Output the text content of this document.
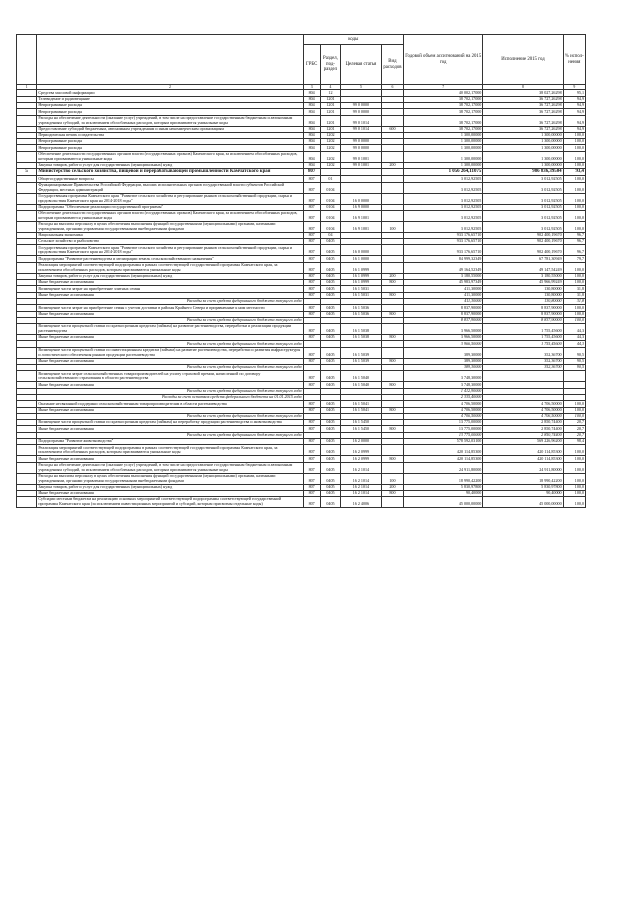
		коды				Годовой объем ассигнований на 2015 год	Исполнение 2015 год	% испол-нения
		ГРБС	Раздел, под-раздел	Целевая статья	Вид расходов			
1	2	3	4	5	6	7	8	9
	Средства массовой информации	804	12			40 002,17000	38 027,26298	95,1
	Телевидение и радиовещание	804	1201			38 702,17000	36 727,26298	94,9
	Непрограммные расходы	804	1201	99 0 0000		38 702,17000	36 727,26298	94,9
	Непрограммные расходы	804	1201	99 0 0000		38 702,17000	36 727,26298	94,9
	Расходы на обеспечение деятельности (оказание услуг) учреждений, в том числе на предоставление государственным бюджетным и автономным учреждениям субсидий, за исключением обособленных расходов, которым присваиваются уникальные коды	804	1201	99 0 1014		38 702,17000	36 727,26298	94,9
	Предоставление субсидий бюджетным, автономным учреждениям и иным некоммерческим организациям	804	1201	99 0 1014	600	38 702,17000	36 727,26298	94,9
	Периодическая печать и издательства	804	1202			1 300,00000	1 300,00000	100,0
	Непрограммные расходы	804	1202	99 0 0000		1 300,00000	1 300,00000	100,0
	Непрограммные расходы	804	1202	99 0 0000		1 300,00000	1 300,00000	100,0
	Обеспечение деятельности государственных органов власти (государственных органов) Камчатского края, за исключением обособленных расходов, которым присваиваются уникальные коды	804	1202	99 0 1001		1 300,00000	1 300,00000	100,0
	Закупка товаров, работ и услуг для государственных (муниципальных) нужд	804	1202	99 0 1001	200	1 300,00000	1 300,00000	100,0
5	Министерство сельского хозяйства, пищевой и перерабатывающей промышленности Камчатского края	807				1 056 264,11075	986 836,39504	93,4
	Общегосударственные вопросы	807	01			3 012,92505	3 012,92505	100,0
	Функционирование Правительства Российской Федерации, высших исполнительных органов государственной власти субъектов Российской Федерации, местных администраций	807	0104			3 012,92505	3 012,92505	100,0
	Государственная программа Камчатского края "Развитие сельского хозяйства и регулирование рынков сельскохозяйственной продукции, сырья и продовольствия Камчатского края на 2014-2018 годы"	807	0104	16 0 0000		3 012,92505	3 012,92505	100,0
	Подпрограмма "Обеспечение реализации государственной программы"	807	0104	16 9 0000		3 012,92505	3 012,92505	100,0
	Обеспечение деятельности государственных органов власти (государственных органов) Камчатского края, за исключением обособленных расходов, которым присваиваются уникальные коды	807	0104	16 9 1001		3 012,92505	3 012,92505	100,0
	Расходы на выплаты персоналу в целях обеспечения выполнения функций государственными (муниципальными) органами, казенными учреждениями, органами управления государственными внебюджетными фондами	807	0104	16 9 1001	100	3 012,92505	3 012,92505	100,0
	Национальная экономика	807	04			933 176,65710	902 400,19670	96,7
	Сельское хозяйство и рыболовство	807	0405			933 176,65710	902 400,19670	96,7
	Государственная программа Камчатского края "Развитие сельского хозяйства и регулирование рынков сельскохозяйственной продукции, сырья и продовольствия Камчатского края на 2014-2018 годы"	807	0405	16 0 0000		933 176,65710	902 400,19670	96,7
	Подпрограмма "Развитие растениеводства и мелиорации земель сельскохозяйственного назначения"	807	0405	16 1 0000		84 999,32349	67 781,30949	79,7
	Реализация мероприятий соответствующей подпрограммы в рамках соответствующей государственной программы Камчатского края, за исключением обособленных расходов, которым присваиваются уникальные коды	807	0405	16 1 0999		49 164,52349	49 147,54249	100,0
	Закупка товаров, работ и услуг для государственных (муниципальных) нужд	807	0405	16 1 0999	200	3 180,55000	3 180,55000	100,0
	Иные бюджетные ассигнования	807	0405	16 1 0999	800	45 983,97349	45 966,99249	100,0
	Возмещение части затрат на приобретение элитных семян	807	0405	16 1 5031		411,30000	130,80000	31,8
	Иные бюджетные ассигнования	807	0405	16 1 5031	800	411,30000	130,80000	31,8
	Расходы за счет средств федерального бюджета текущего года					411,30000	130,80000	31,8
	Возмещение части затрат на приобретение семян с учетом доставки в районы Крайнего Севера и приравненные к ним местности	807	0405	16 1 5036		8 837,90000	8 837,90000	100,0
	Иные бюджетные ассигнования	807	0405	16 1 5036	800	8 837,90000	8 837,90000	100,0
	Расходы за счет средств федерального бюджета текущего года					8 837,90000	8 837,90000	100,0
	Возмещение части процентной ставки по краткосрочным кредитам (займам) на развитие растениеводства, переработки и реализации продукции растениеводства	807	0405	16 1 5038		3 966,50000	1 755,45600	44,3
	Иные бюджетные ассигнования	807	0405	16 1 5038	800	3 966,50000	1 755,45600	44,3
	Расходы за счет средств федерального бюджета текущего года					3 966,50000	1 755,45600	44,3
	Возмещение части процентной ставки по инвестиционным кредитам (займам) на развитие растениеводства, переработки и развития инфраструктуры и логистического обеспечения рынков продукции растениеводства	807	0405	16 1 5039		389,30000	352,36700	90,5
	Иные бюджетные ассигнования	807	0405	16 1 5039	800	389,30000	352,36700	90,5
	Расходы за счет средств федерального бюджета текущего года					389,30000	352,36700	90,5
	Возмещение части затрат сельскохозяйственных товаропроизводителей на уплату страховой премии, начисленной по договору сельскохозяйственного страхования в области растениеводства	807	0405	16 1 5040		3 748,30000		
	Иные бюджетные ассигнования	807	0405	16 1 5040	800	3 748,30000		
	Расходы за счет средств федерального бюджета текущего года					1 412,90000		
	Расходы за счет остатков средств федерального бюджета на 01.01.2015 года					2 335,40000		
	Оказание несвязанной поддержки сельскохозяйственным товаропроизводителям в области растениеводства	807	0405	16 1 5041		4 706,50000	4 706,50000	100,0
	Иные бюджетные ассигнования	807	0405	16 1 5041	800	4 706,50000	4 706,50000	100,0
	Расходы за счет средств федерального бюджета текущего года					4 706,50000	4 706,50000	100,0
	Возмещение части процентной ставки по краткосрочным кредитам (займам) на переработку продукции растениеводства и животноводства	807	0405	16 1 5450		13 775,00000	2 850,74400	20,7
	Иные бюджетные ассигнования	807	0405	16 1 5450	800	13 775,00000	2 850,74400	20,7
	Расходы за счет средств федерального бюджета текущего года					13 775,00000	2 850,74400	20,7
	Подпрограмма "Развитие животноводства"	807	0405	16 2 0000		578 592,03100	569 226,96200	98,4
	Реализация мероприятий соответствующей подпрограммы в рамках соответствующей государственной программы Камчатского края, за исключением обособленных расходов, которым присваиваются уникальные коды	807	0405	16 2 0999		420 114,85300	420 114,85300	100,0
	Иные бюджетные ассигнования	807	0405	16 2 0999	800	420 114,85300	420 114,85300	100,0
	Расходы на обеспечение деятельности (оказание услуг) учреждений, в том числе на предоставление государственным бюджетным и автономным учреждениям субсидий, за исключением обособленных расходов, которым присваиваются уникальные коды	807	0405	16 2 1014		24 911,80000	24 911,80000	100,0
	Расходы на выплаты персоналу в целях обеспечения выполнения функций государственными (муниципальными) органами, казенными учреждениями, органами управления государственными внебюджетными фондами	807	0405	16 2 1014	100	18 990,42200	18 990,42200	100,0
	Закупка товаров, работ и услуг для государственных (муниципальных) нужд	807	0405	16 2 1014	200	5 830,97800	5 830,97800	100,0
	Иные бюджетные ассигнования	807	0405	16 2 1014	800	90,40000	90,40000	100,0
	Субсидии местным бюджетам на реализацию основных мероприятий соответствующей подпрограммы соответствующей государственной программы Камчатского края (за исключением инвестиционных мероприятий и субсидий, которым присвоены отдельные коды)	807	0405	16 2 4006		45 000,00000	45 000,00000	100,0
